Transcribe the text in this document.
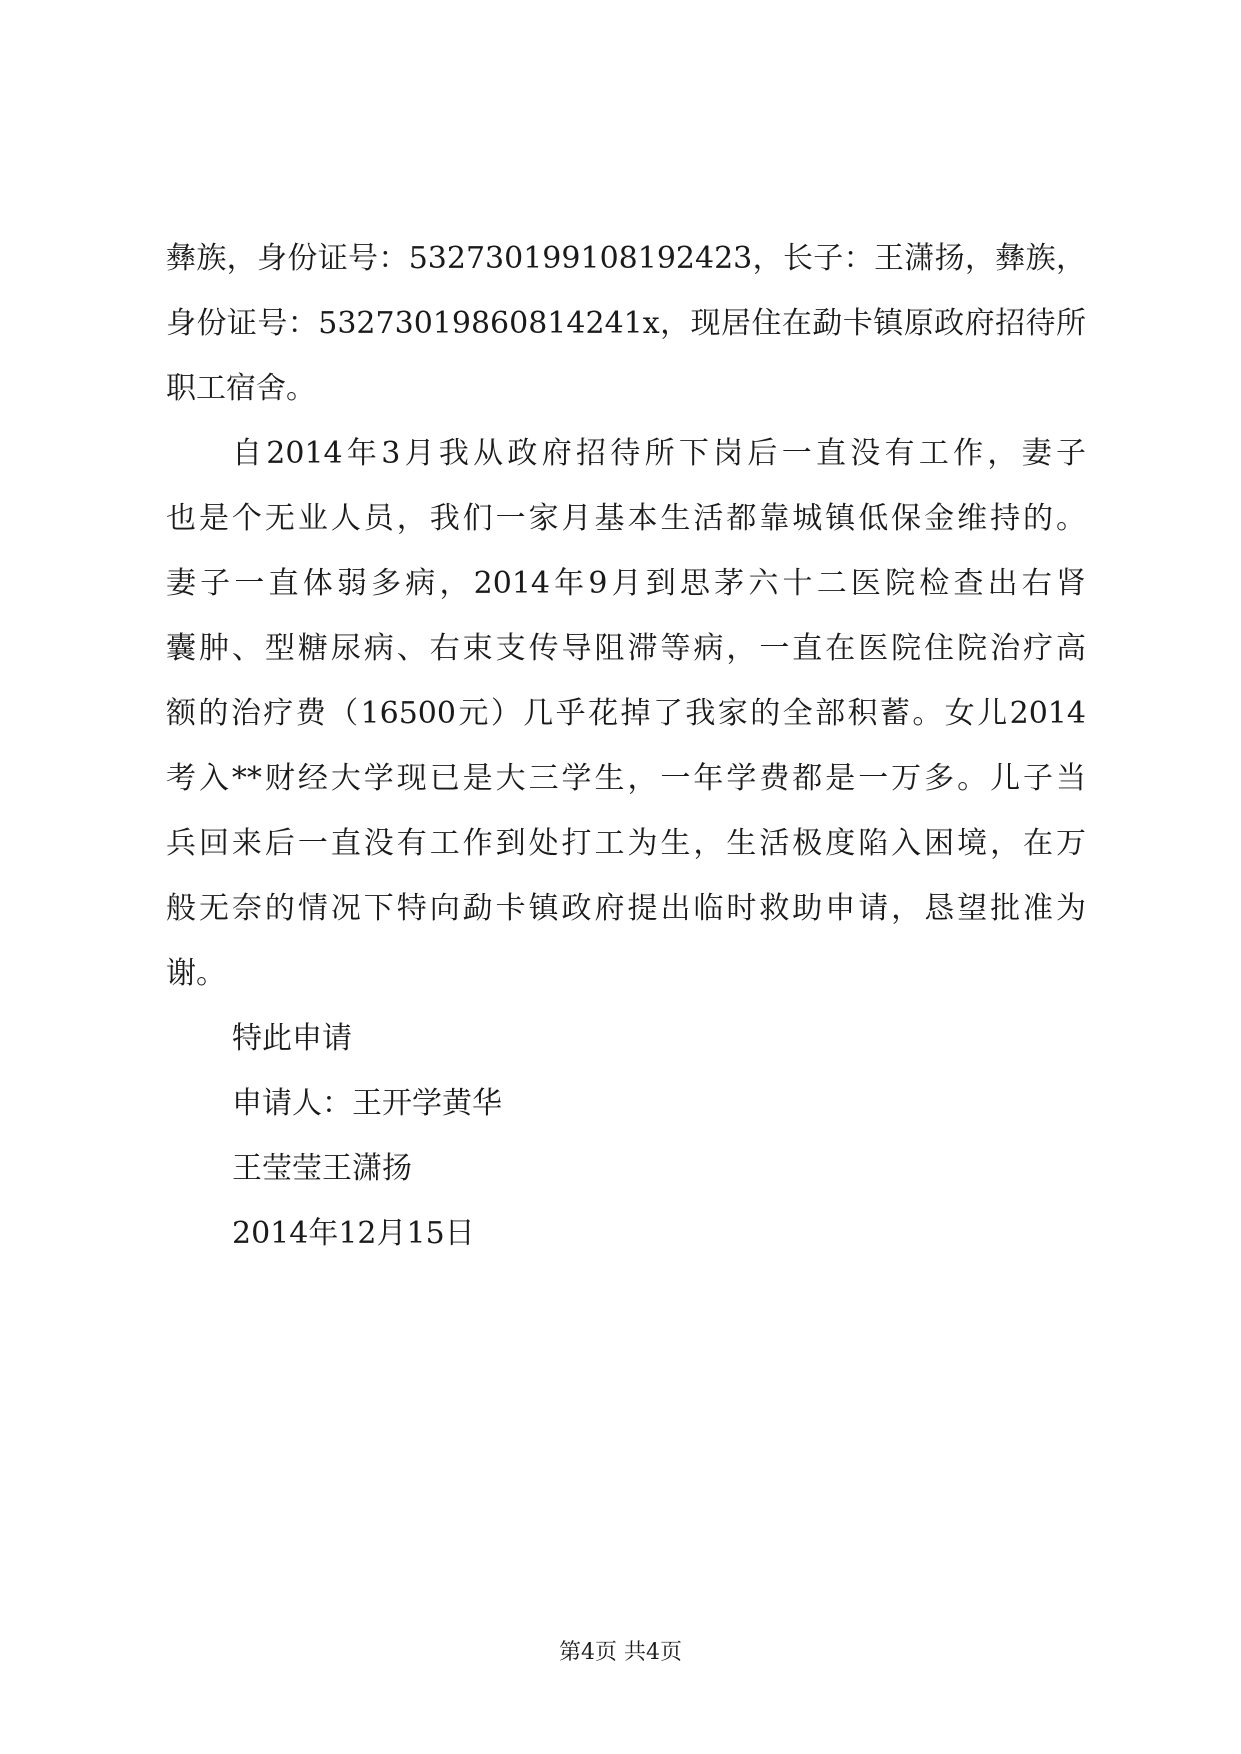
彝族，身份证号：532730199108192423，长子：王潇扬，彝族，
身份证号：53273019860814241x，现居住在勐卡镇原政府招待所
职工宿舍。
自2014年3月我从政府招待所下岗后一直没有工作，妻子
也是个无业人员，我们一家月基本生活都靠城镇低保金维持的。
妻子一直体弱多病，2014年9月到思茅六十二医院检查出右肾
囊肿、型糖尿病、右束支传导阻滞等病，一直在医院住院治疗高
额的治疗费（16500元）几乎花掉了我家的全部积蓄。女儿2014
考入**财经大学现已是大三学生，一年学费都是一万多。儿子当
兵回来后一直没有工作到处打工为生，生活极度陷入困境，在万
般无奈的情况下特向勐卡镇政府提出临时救助申请，恳望批准为
谢。
特此申请
申请人：王开学黄华
王莹莹王潇扬
2014年12月15日
第4页 共4页
